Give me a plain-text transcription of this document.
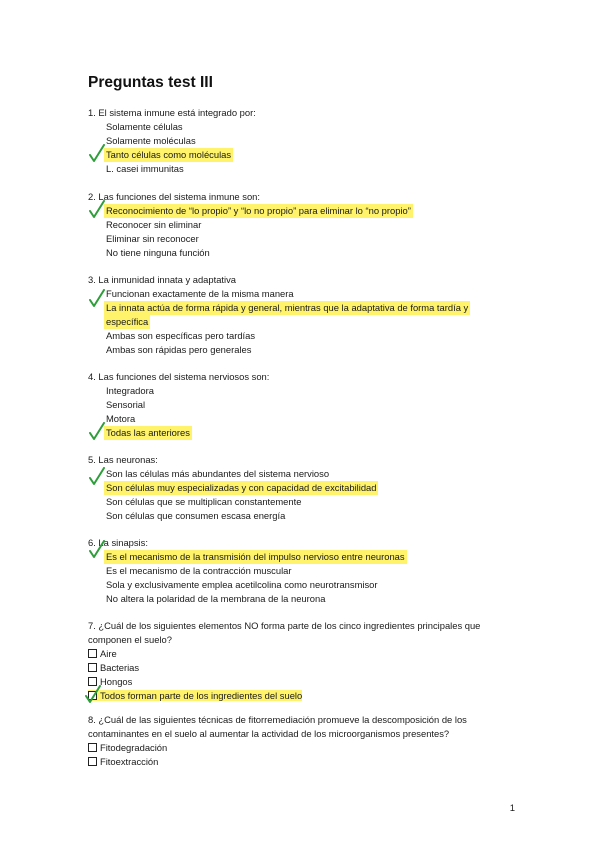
Preguntas test III
1. El sistema inmune está integrado por:
Solamente células
Solamente moléculas
Tanto células como moléculas
L. casei immunitas
2. Las funciones del sistema inmune son:
Reconocimiento de “lo propio” y “lo no propio” para eliminar lo “no propio”
Reconocer sin eliminar
Eliminar sin reconocer
No tiene ninguna función
3. La inmunidad innata y adaptativa
Funcionan exactamente de la misma manera
La innata actúa de forma rápida y general, mientras que la adaptativa de forma tardía y
específica
Ambas son específicas pero tardías
Ambas son rápidas pero generales
4. Las funciones del sistema nerviosos son:
Integradora
Sensorial
Motora
Todas las anteriores
5. Las neuronas:
Son las células más abundantes del sistema nervioso
Son células muy especializadas y con capacidad de excitabilidad
Son células que se multiplican constantemente
Son células que consumen escasa energía
6. La sinapsis:
Es el mecanismo de la transmisión del impulso nervioso entre neuronas
Es el mecanismo de la contracción muscular
Sola y exclusivamente emplea acetilcolina como neurotransmisor
No altera la polaridad de la membrana de la neurona
7. ¿Cuál de los siguientes elementos NO forma parte de los cinco ingredientes principales que
componen el suelo?
Aire
Bacterias
Hongos
Todos forman parte de los ingredientes del suelo
8. ¿Cuál de las siguientes técnicas de fitorremediación promueve la descomposición de los
contaminantes en el suelo al aumentar la actividad de los microorganismos presentes?
Fitodegradación
Fitoextracción
1
